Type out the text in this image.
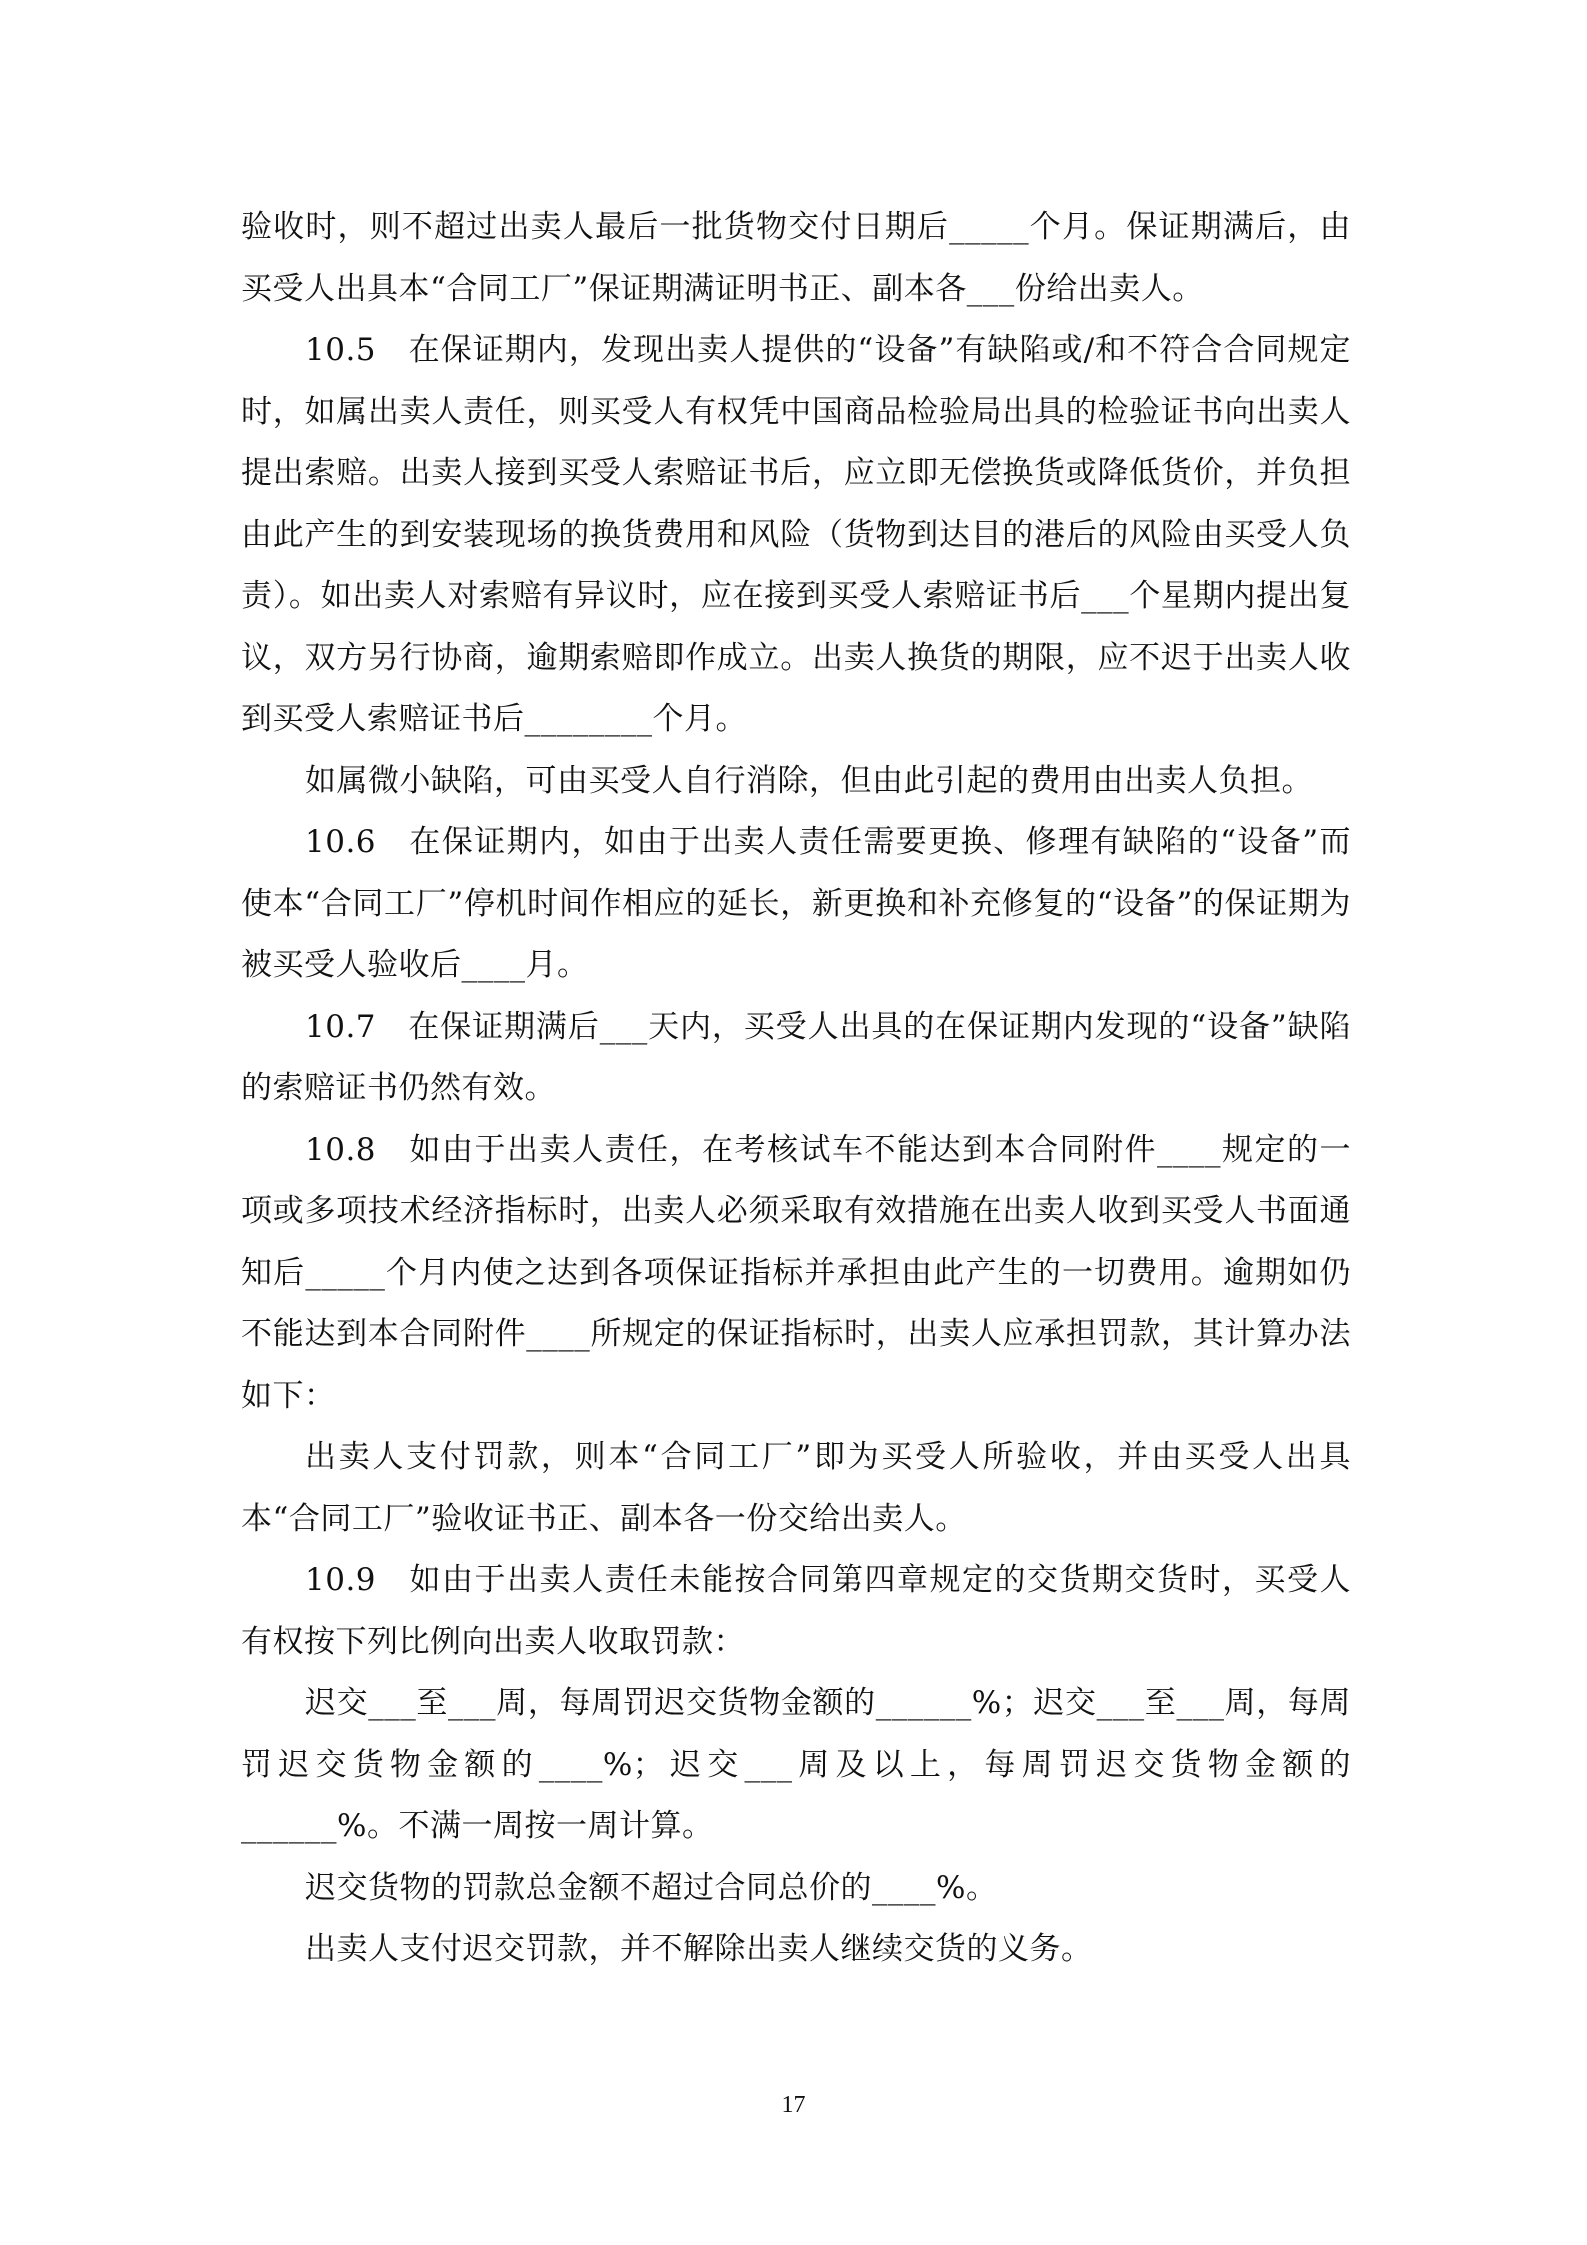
验收时，则不超过出卖人最后一批货物交付日期后_____个月。保证期满后，由买受人出具本“合同工厂”保证期满证明书正、副本各___份给出卖人。

10.5　在保证期内，发现出卖人提供的“设备”有缺陷或/和不符合合同规定时，如属出卖人责任，则买受人有权凭中国商品检验局出具的检验证书向出卖人提出索赔。出卖人接到买受人索赔证书后，应立即无偿换货或降低货价，并负担由此产生的到安装现场的换货费用和风险（货物到达目的港后的风险由买受人负责）。如出卖人对索赔有异议时，应在接到买受人索赔证书后___个星期内提出复议，双方另行协商，逾期索赔即作成立。出卖人换货的期限，应不迟于出卖人收到买受人索赔证书后________个月。

如属微小缺陷，可由买受人自行消除，但由此引起的费用由出卖人负担。

10.6　在保证期内，如由于出卖人责任需要更换、修理有缺陷的“设备”而使本“合同工厂”停机时间作相应的延长，新更换和补充修复的“设备”的保证期为被买受人验收后____月。

10.7　在保证期满后___天内，买受人出具的在保证期内发现的“设备”缺陷的索赔证书仍然有效。

10.8　如由于出卖人责任，在考核试车不能达到本合同附件____规定的一项或多项技术经济指标时，出卖人必须采取有效措施在出卖人收到买受人书面通知后_____个月内使之达到各项保证指标并承担由此产生的一切费用。逾期如仍不能达到本合同附件____所规定的保证指标时，出卖人应承担罚款，其计算办法如下：

出卖人支付罚款，则本“合同工厂”即为买受人所验收，并由买受人出具本“合同工厂”验收证书正、副本各一份交给出卖人。

10.9　如由于出卖人责任未能按合同第四章规定的交货期交货时，买受人有权按下列比例向出卖人收取罚款：

迟交___至___周，每周罚迟交货物金额的______%；迟交___至___周，每周罚迟交货物金额的____%；迟交___周及以上，每周罚迟交货物金额的______%。不满一周按一周计算。

迟交货物的罚款总金额不超过合同总价的____%。

出卖人支付迟交罚款，并不解除出卖人继续交货的义务。

17
